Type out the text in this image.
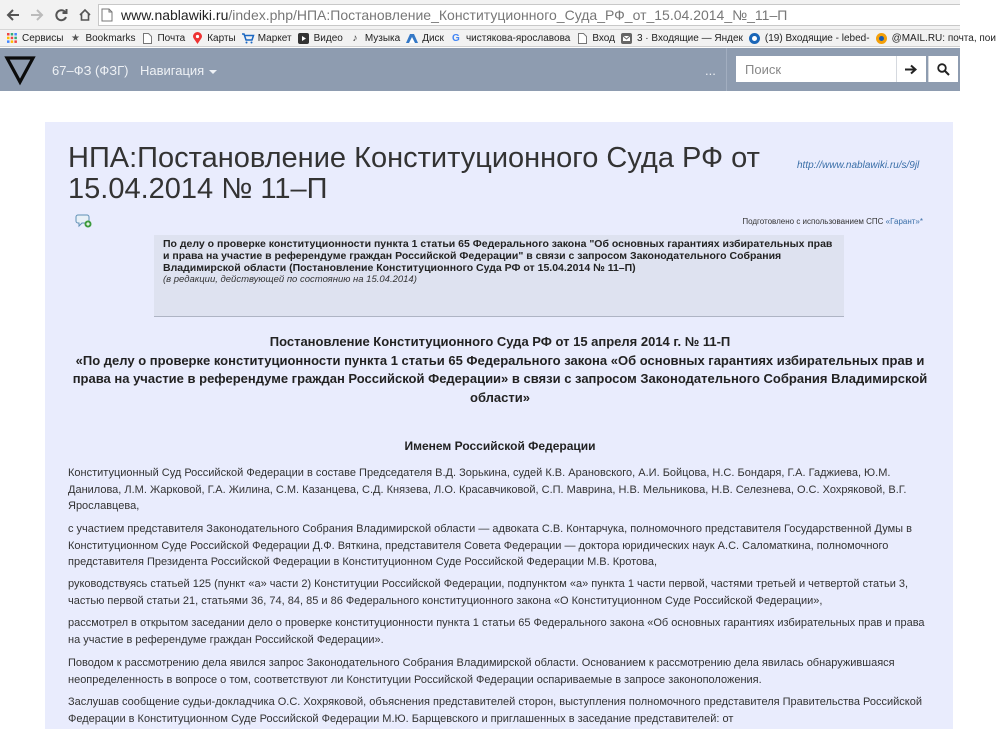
www.nablawiki.ru /index.php/НПА:Постановление_Конституционного_Суда_РФ_от_15.04.2014_№_11–П
Сервисы ★ Bookmarks Почта Карты Маркет Видео ♪ Музыка Диск G чистякова-ярославова Вход 3 · Входящие — Яндек (19) Входящие - lebed- @MAIL.RU: почта, пои
67–ФЗ (ФЗГ) Навигация	...
Поиск
НПА:Постановление Конституционного Суда РФ от 15.04.2014 № 11–П
http://www.nablawiki.ru/s/9jl
Подготовлено с использованием СПС «Гарант»*
По делу о проверке конституционности пункта 1 статьи 65 Федерального закона "Об основных гарантиях избирательных прав и права на участие в референдуме граждан Российской Федерации" в связи с запросом Законодательного Собрания Владимирской области (Постановление Конституционного Суда РФ от 15.04.2014 № 11–П)
(в редакции, действующей по состоянию на 15.04.2014)
Постановление Конституционного Суда РФ от 15 апреля 2014 г. № 11-П
«По делу о проверке конституционности пункта 1 статьи 65 Федерального закона «Об основных гарантиях избирательных прав и права на участие в референдуме граждан Российской Федерации» в связи с запросом Законодательного Собрания Владимирской области»
Именем Российской Федерации
Конституционный Суд Российской Федерации в составе Председателя В.Д. Зорькина, судей К.В. Арановского, А.И. Бойцова, Н.С. Бондаря, Г.А. Гаджиева, Ю.М. Данилова, Л.М. Жарковой, Г.А. Жилина, С.М. Казанцева, С.Д. Князева, Л.О. Красавчиковой, С.П. Маврина, Н.В. Мельникова, Н.В. Селезнева, О.С. Хохряковой, В.Г. Ярославцева,
с участием представителя Законодательного Собрания Владимирской области — адвоката С.В. Контарчука, полномочного представителя Государственной Думы в Конституционном Суде Российской Федерации Д.Ф. Вяткина, представителя Совета Федерации — доктора юридических наук А.С. Саломаткина, полномочного представителя Президента Российской Федерации в Конституционном Суде Российской Федерации М.В. Кротова,
руководствуясь статьей 125 (пункт «а» части 2) Конституции Российской Федерации, подпунктом «а» пункта 1 части первой, частями третьей и четвертой статьи 3, частью первой статьи 21, статьями 36, 74, 84, 85 и 86 Федерального конституционного закона «О Конституционном Суде Российской Федерации»,
рассмотрел в открытом заседании дело о проверке конституционности пункта 1 статьи 65 Федерального закона «Об основных гарантиях избирательных прав и права на участие в референдуме граждан Российской Федерации».
Поводом к рассмотрению дела явился запрос Законодательного Собрания Владимирской области. Основанием к рассмотрению дела явилась обнаружившаяся неопределенность в вопросе о том, соответствуют ли Конституции Российской Федерации оспариваемые в запросе законоположения.
Заслушав сообщение судьи-докладчика О.С. Хохряковой, объяснения представителей сторон, выступления полномочного представителя Правительства Российской Федерации в Конституционном Суде Российской Федерации М.Ю. Барщевского и приглашенных в заседание представителей: от
